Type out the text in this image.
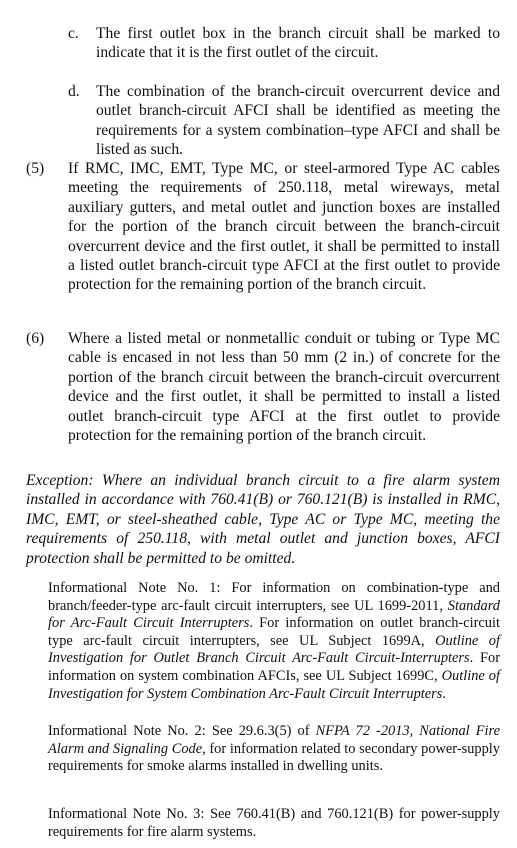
c. The first outlet box in the branch circuit shall be marked to indicate that it is the first outlet of the circuit.
d. The combination of the branch-circuit overcurrent device and outlet branch-circuit AFCI shall be identified as meeting the requirements for a system combination–type AFCI and shall be listed as such.
(5) If RMC, IMC, EMT, Type MC, or steel-armored Type AC cables meeting the requirements of 250.118, metal wireways, metal auxiliary gutters, and metal outlet and junction boxes are installed for the portion of the branch circuit between the branch-circuit overcurrent device and the first outlet, it shall be permitted to install a listed outlet branch-circuit type AFCI at the first outlet to provide protection for the remaining portion of the branch circuit.
(6) Where a listed metal or nonmetallic conduit or tubing or Type MC cable is encased in not less than 50 mm (2 in.) of concrete for the portion of the branch circuit between the branch-circuit overcurrent device and the first outlet, it shall be permitted to install a listed outlet branch-circuit type AFCI at the first outlet to provide protection for the remaining portion of the branch circuit.
Exception: Where an individual branch circuit to a fire alarm system installed in accordance with 760.41(B) or 760.121(B) is installed in RMC, IMC, EMT, or steel-sheathed cable, Type AC or Type MC, meeting the requirements of 250.118, with metal outlet and junction boxes, AFCI protection shall be permitted to be omitted.
Informational Note No. 1: For information on combination-type and branch/feeder-type arc-fault circuit interrupters, see UL 1699-2011, Standard for Arc-Fault Circuit Interrupters. For information on outlet branch-circuit type arc-fault circuit interrupters, see UL Subject 1699A, Outline of Investigation for Outlet Branch Circuit Arc-Fault Circuit-Interrupters. For information on system combination AFCIs, see UL Subject 1699C, Outline of Investigation for System Combination Arc-Fault Circuit Interrupters.
Informational Note No. 2: See 29.6.3(5) of NFPA 72 -2013, National Fire Alarm and Signaling Code, for information related to secondary power-supply requirements for smoke alarms installed in dwelling units.
Informational Note No. 3: See 760.41(B) and 760.121(B) for power-supply requirements for fire alarm systems.
